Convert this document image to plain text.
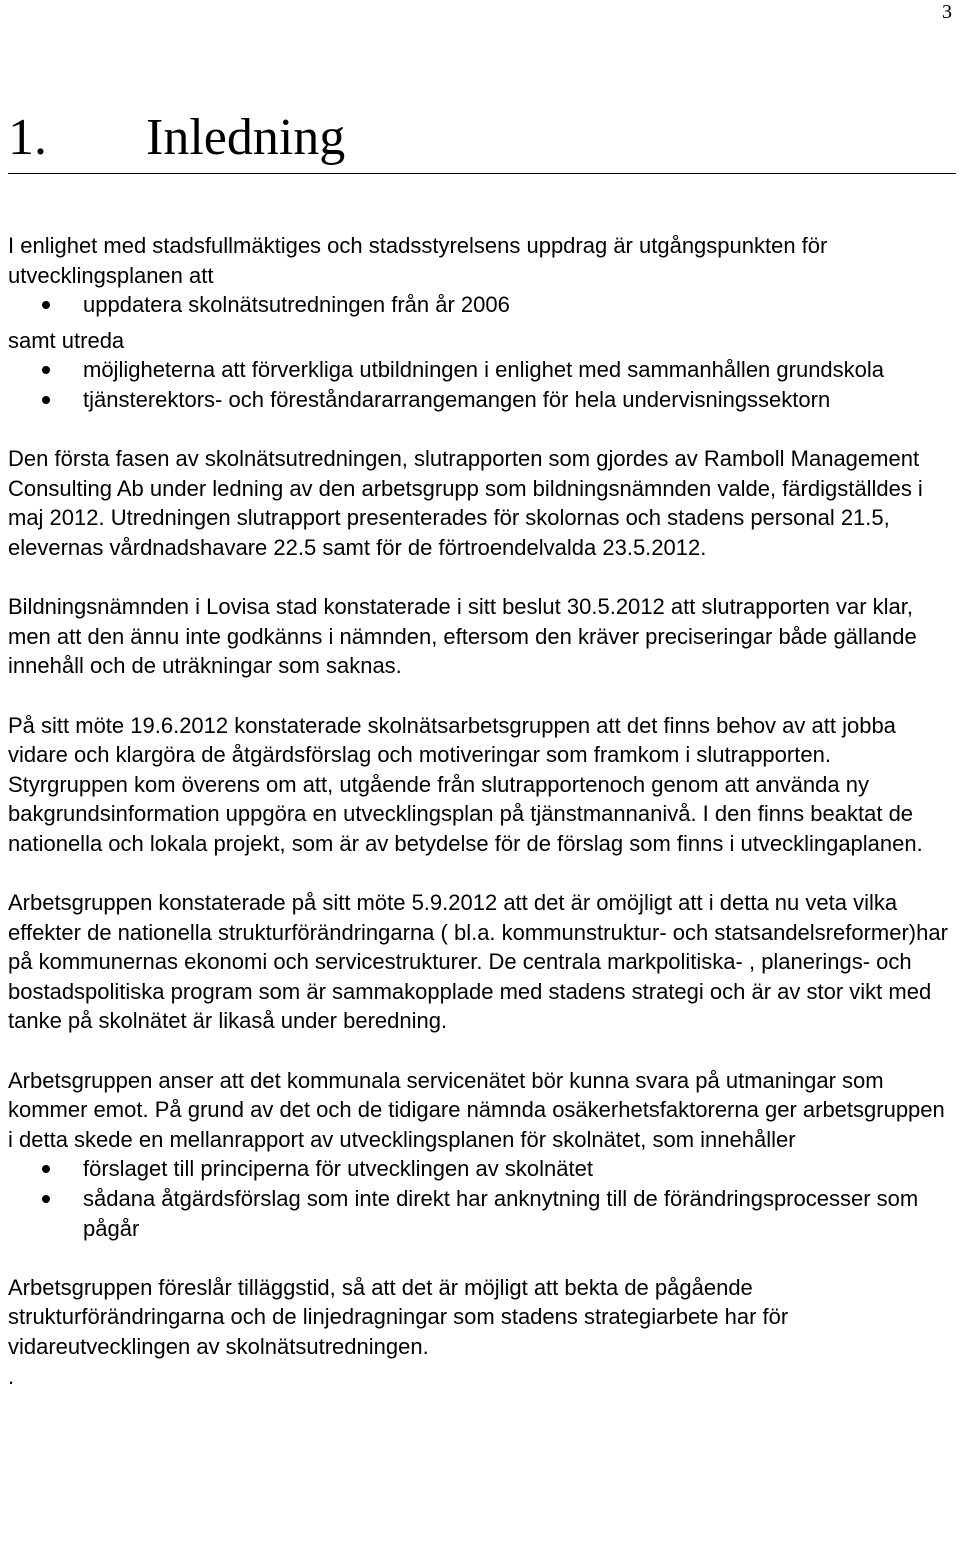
3
1. Inledning

I enlighet med stadsfullmäktiges och stadsstyrelsens uppdrag är utgångspunkten för utvecklingsplanen att

uppdatera skolnätsutredningen från år 2006

samt utreda

möjligheterna att förverkliga utbildningen i enlighet med sammanhållen grundskola
tjänsterektors- och föreståndararrangemangen för hela undervisningssektorn

Den första fasen av skolnätsutredningen, slutrapporten som gjordes av Ramboll Management Consulting Ab under ledning av den arbetsgrupp som bildningsnämnden valde, färdigställdes i maj 2012. Utredningen slutrapport presenterades för skolornas och stadens personal 21.5, elevernas vårdnadshavare 22.5 samt för de förtroendelvalda 23.5.2012.

Bildningsnämnden i Lovisa stad konstaterade i sitt beslut 30.5.2012 att slutrapporten var klar, men att den ännu inte godkänns i nämnden, eftersom den kräver preciseringar både gällande innehåll och de uträkningar som saknas.

På sitt möte 19.6.2012 konstaterade skolnätsarbetsgruppen att det finns behov av att jobba vidare och klargöra de åtgärdsförslag och motiveringar som framkom i slutrapporten. Styrgruppen kom överens om att, utgående från slutrapportenoch genom att använda ny bakgrundsinformation uppgöra en utvecklingsplan på tjänstmannanivå. I den finns beaktat de nationella och lokala projekt, som är av betydelse för de förslag som finns i utvecklingaplanen.

Arbetsgruppen konstaterade på sitt möte 5.9.2012 att det är omöjligt att i detta nu veta vilka effekter de nationella strukturförändringarna ( bl.a. kommunstruktur- och statsandelsreformer)har på kommunernas ekonomi och servicestrukturer. De centrala markpolitiska- , planerings- och bostadspolitiska program som är sammakopplade med stadens strategi och är av stor vikt med tanke på skolnätet är likaså under beredning.

Arbetsgruppen anser att det kommunala servicenätet bör kunna svara på utmaningar som kommer emot. På grund av det och de tidigare nämnda osäkerhetsfaktorerna ger arbetsgruppen i detta skede en mellanrapport av utvecklingsplanen för skolnätet, som innehåller

förslaget till principerna för utvecklingen av skolnätet
sådana åtgärdsförslag som inte direkt har anknytning till de förändringsprocesser som pågår

Arbetsgruppen föreslår tilläggstid, så att det är möjligt att bekta de pågående strukturförändringarna och de linjedragningar som stadens strategiarbete har för vidareutvecklingen av skolnätsutredningen.

.
